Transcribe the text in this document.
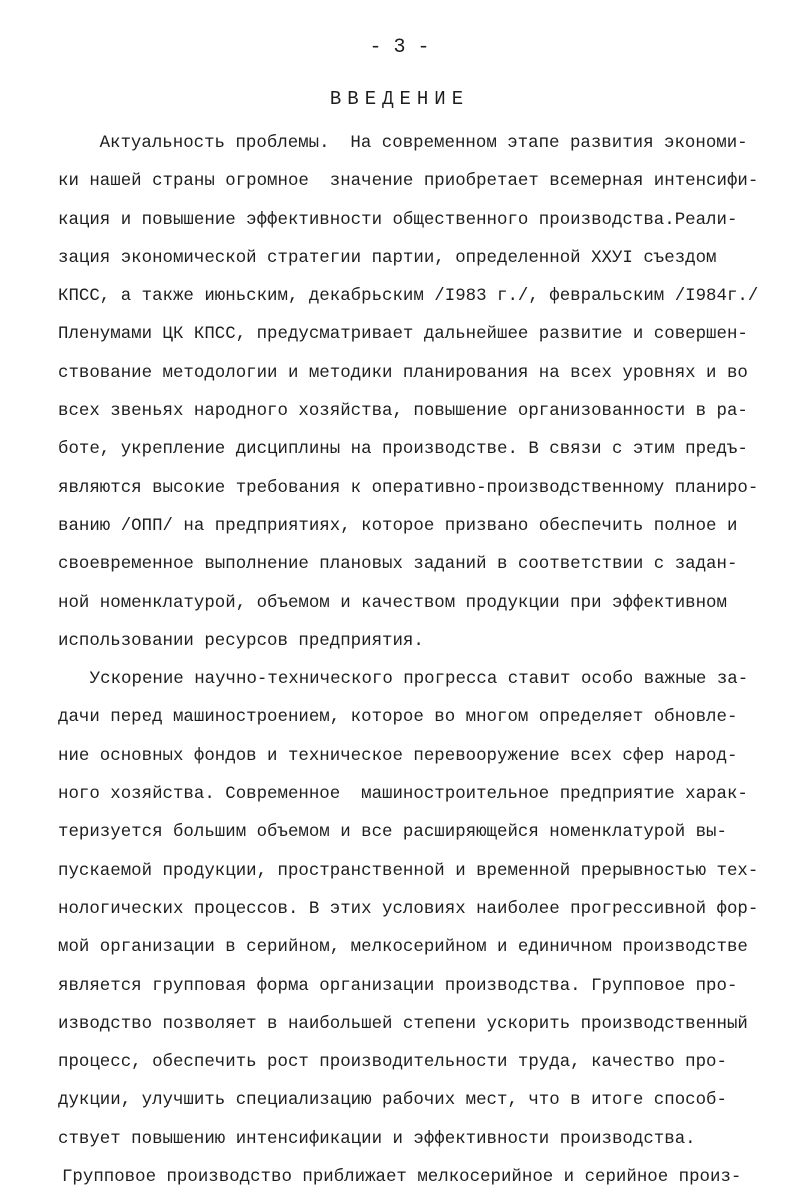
- 3 -
ВВЕДЕНИЕ
Актуальность проблемы.  На современном этапе развития экономи-
ки нашей страны огромное  значение приобретает всемерная интенсифи-
кация и повышение эффективности общественного производства.Реали-
зация экономической стратегии партии, определенной ХХУI съездом
КПСС, а также июньским, декабрьским /I983 г./, февральским /I984г./
Пленумами ЦК КПСС, предусматривает дальнейшее развитие и совершен-
ствование методологии и методики планирования на всех уровнях и во
всех звеньях народного хозяйства, повышение организованности в ра-
боте, укрепление дисциплины на производстве. В связи с этим предъ-
являются высокие требования к оперативно-производственному планиро-
ванию /ОПП/ на предприятиях, которое призвано обеспечить полное и
своевременное выполнение плановых заданий в соответствии с задан-
ной номенклатурой, объемом и качеством продукции при эффективном
использовании ресурсов предприятия.
Ускорение научно-технического прогресса ставит особо важные за-
дачи перед машиностроением, которое во многом определяет обновле-
ние основных фондов и техническое перевооружение всех сфер народ-
ного хозяйства. Современное  машиностроительное предприятие харак-
теризуется большим объемом и все расширяющейся номенклатурой вы-
пускаемой продукции, пространственной и временной прерывностью тех-
нологических процессов. В этих условиях наиболее прогрессивной фор-
мой организации в серийном, мелкосерийном и единичном производстве
является групповая форма организации производства. Групповое про-
изводство позволяет в наибольшей степени ускорить производственный
процесс, обеспечить рост производительности труда, качество про-
дукции, улучшить специализацию рабочих мест, что в итоге способ-
ствует повышению интенсификации и эффективности производства.
Групповое производство приближает мелкосерийное и серийное произ-
